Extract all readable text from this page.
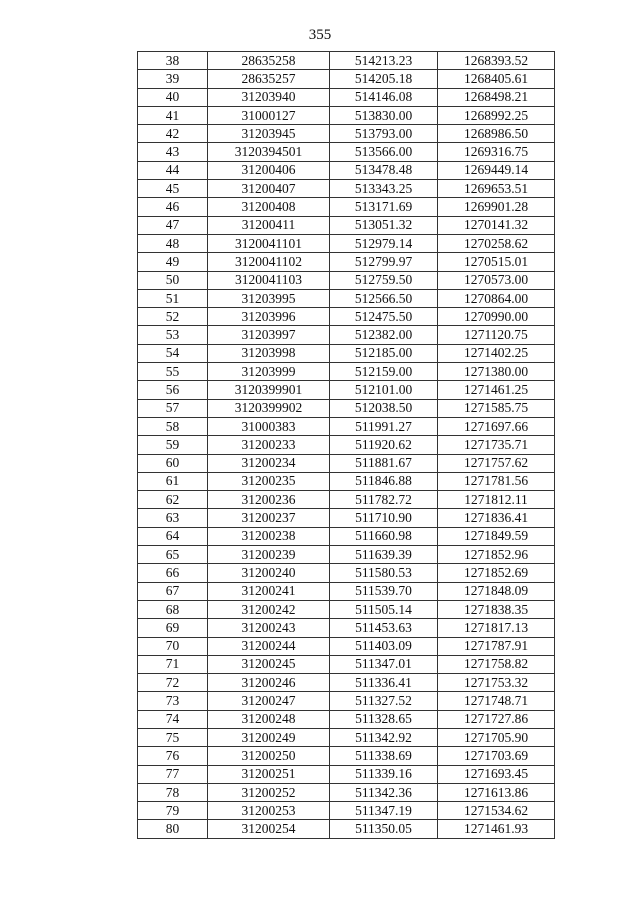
355
38	28635258	514213.23	1268393.52
39	28635257	514205.18	1268405.61
40	31203940	514146.08	1268498.21
41	31000127	513830.00	1268992.25
42	31203945	513793.00	1268986.50
43	3120394501	513566.00	1269316.75
44	31200406	513478.48	1269449.14
45	31200407	513343.25	1269653.51
46	31200408	513171.69	1269901.28
47	31200411	513051.32	1270141.32
48	3120041101	512979.14	1270258.62
49	3120041102	512799.97	1270515.01
50	3120041103	512759.50	1270573.00
51	31203995	512566.50	1270864.00
52	31203996	512475.50	1270990.00
53	31203997	512382.00	1271120.75
54	31203998	512185.00	1271402.25
55	31203999	512159.00	1271380.00
56	3120399901	512101.00	1271461.25
57	3120399902	512038.50	1271585.75
58	31000383	511991.27	1271697.66
59	31200233	511920.62	1271735.71
60	31200234	511881.67	1271757.62
61	31200235	511846.88	1271781.56
62	31200236	511782.72	1271812.11
63	31200237	511710.90	1271836.41
64	31200238	511660.98	1271849.59
65	31200239	511639.39	1271852.96
66	31200240	511580.53	1271852.69
67	31200241	511539.70	1271848.09
68	31200242	511505.14	1271838.35
69	31200243	511453.63	1271817.13
70	31200244	511403.09	1271787.91
71	31200245	511347.01	1271758.82
72	31200246	511336.41	1271753.32
73	31200247	511327.52	1271748.71
74	31200248	511328.65	1271727.86
75	31200249	511342.92	1271705.90
76	31200250	511338.69	1271703.69
77	31200251	511339.16	1271693.45
78	31200252	511342.36	1271613.86
79	31200253	511347.19	1271534.62
80	31200254	511350.05	1271461.93
